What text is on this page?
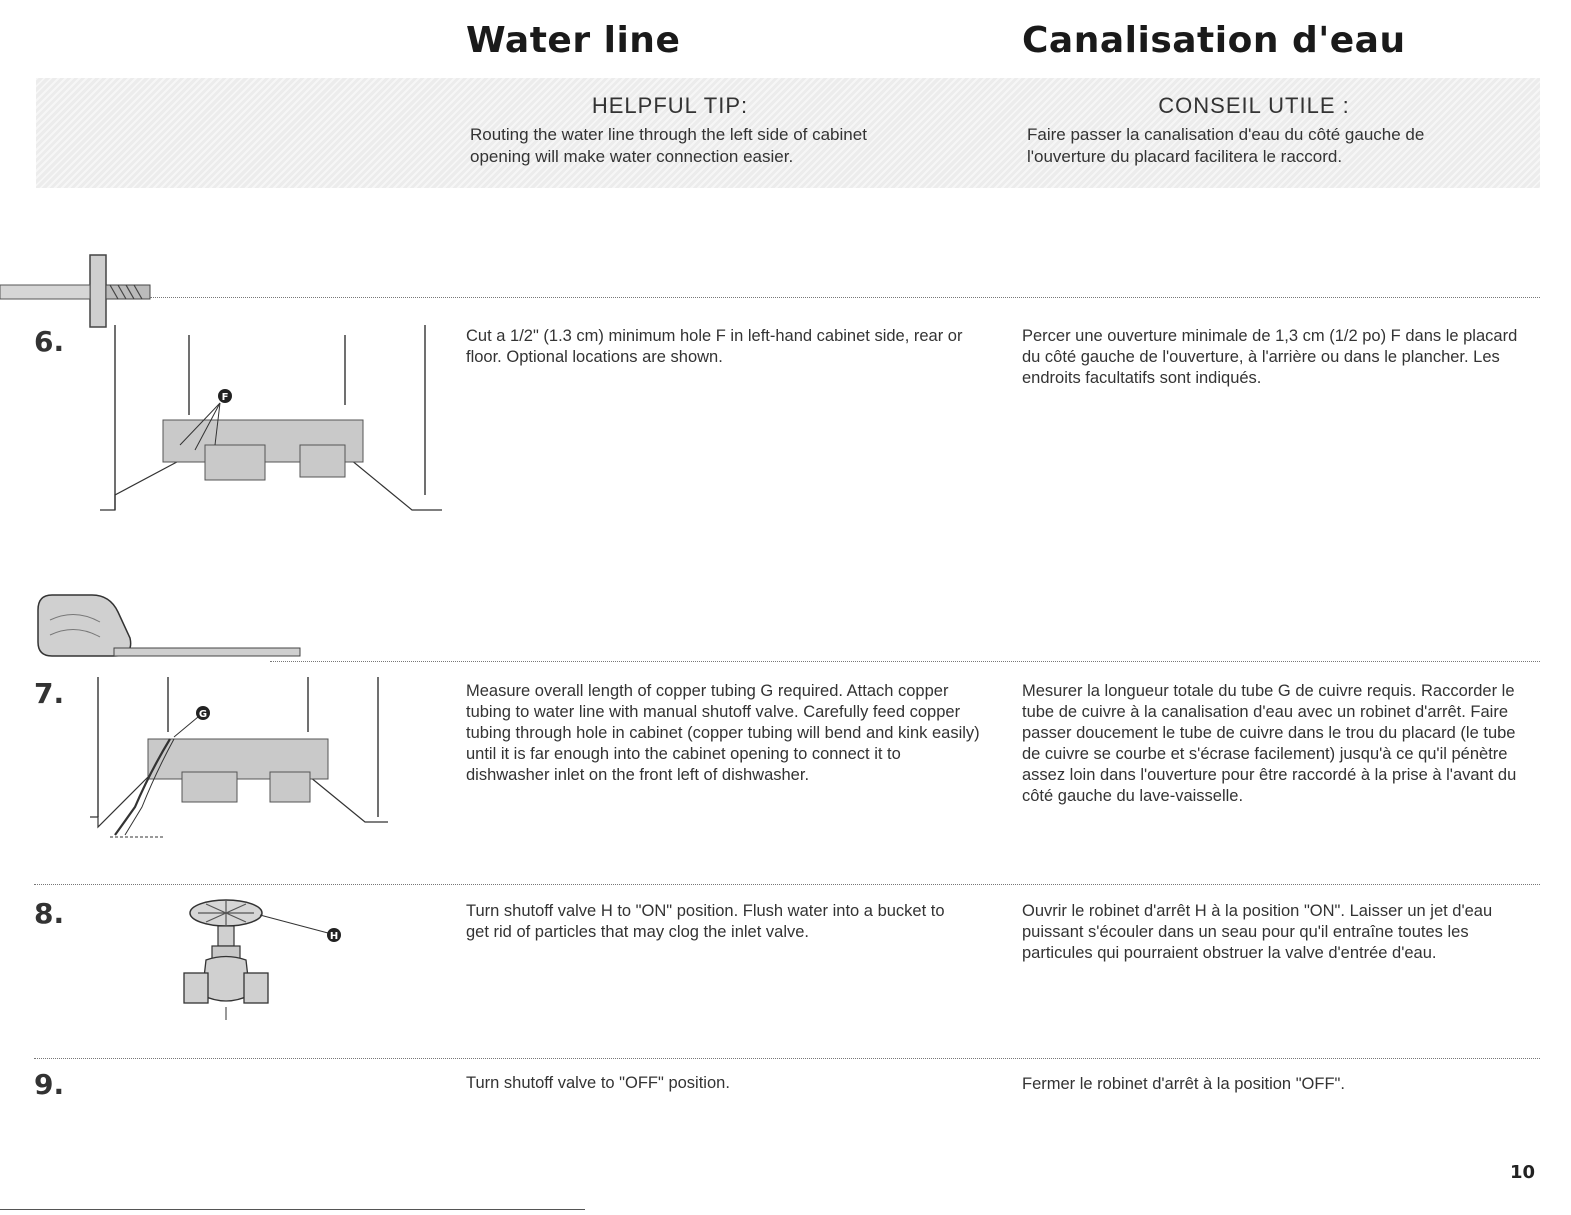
Water line	Canalisation d'eau
HELPFUL TIP:
Routing the water line through the left side of cabinet opening will make water connection easier.
CONSEIL UTILE :
Faire passer la canalisation d'eau du côté gauche de l'ouverture du placard facilitera le raccord.
6.
F
Cut a 1/2" (1.3 cm) minimum hole F in left-hand cabinet side, rear or floor. Optional locations are shown.
Percer une ouverture minimale de 1,3 cm (1/2 po) F dans le placard du côté gauche de l'ouverture, à l'arrière ou dans le plancher. Les endroits facultatifs sont indiqués.
7.
G
Measure overall length of copper tubing G required. Attach copper tubing to water line with manual shutoff valve. Carefully feed copper tubing through hole in cabinet (copper tubing will bend and kink easily) until it is far enough into the cabinet opening to connect it to dishwasher inlet on the front left of dishwasher.
Mesurer la longueur totale du tube G de cuivre requis. Raccorder le tube de cuivre à la canalisation d'eau avec un robinet d'arrêt. Faire passer doucement le tube de cuivre dans le trou du placard (le tube de cuivre se courbe et s'écrase facilement) jusqu'à ce qu'il pénètre assez loin dans l'ouverture pour être raccordé à la prise à l'avant du côté gauche du lave-vaisselle.
8.
H
Turn shutoff valve H to "ON" position. Flush water into a bucket to get rid of particles that may clog the inlet valve.
Ouvrir le robinet d'arrêt H à la position "ON". Laisser un jet d'eau puissant s'écouler dans un seau pour qu'il entraîne toutes les particules qui pourraient obstruer la valve d'entrée d'eau.
9.	Turn shutoff valve to "OFF" position.	Fermer le robinet d'arrêt à la position "OFF".
10
